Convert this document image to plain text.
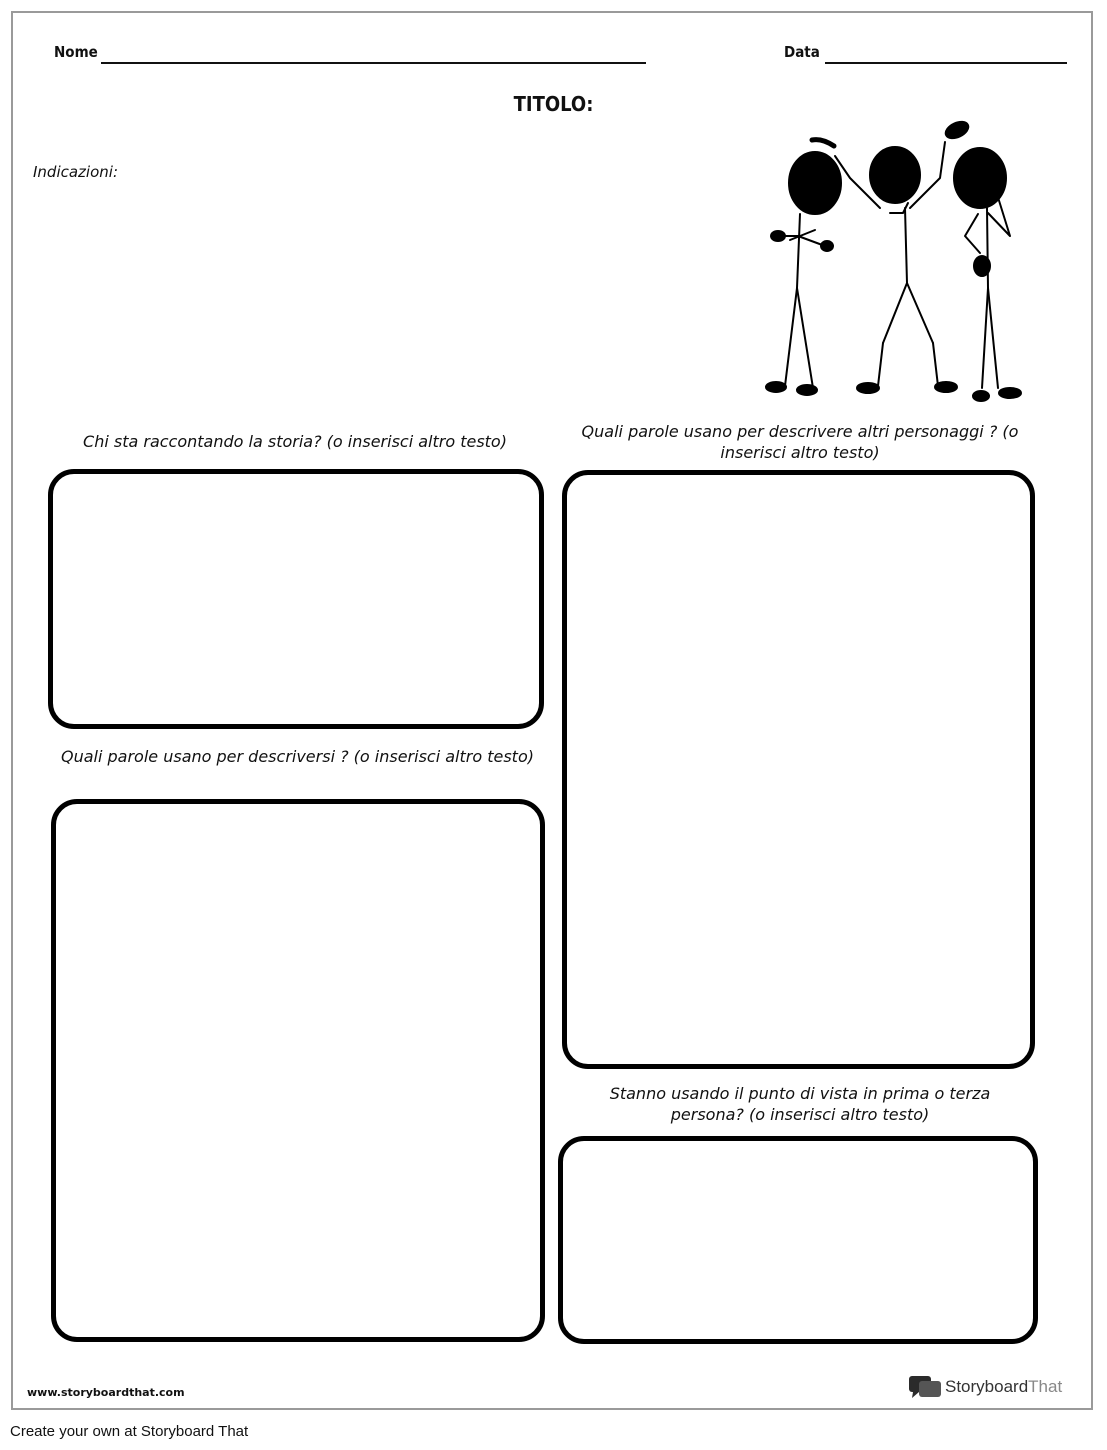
Nome	Data
TITOLO:
Indicazioni:
Chi sta raccontando la storia? (o inserisci altro testo)
Quali parole usano per descrivere altri personaggi ? (o inserisci altro testo)
Quali parole usano per descriversi ? (o inserisci altro testo)
Stanno usando il punto di vista in prima o terza persona? (o inserisci altro testo)
www.storyboardthat.com	Storyboard That
Create your own at Storyboard That
